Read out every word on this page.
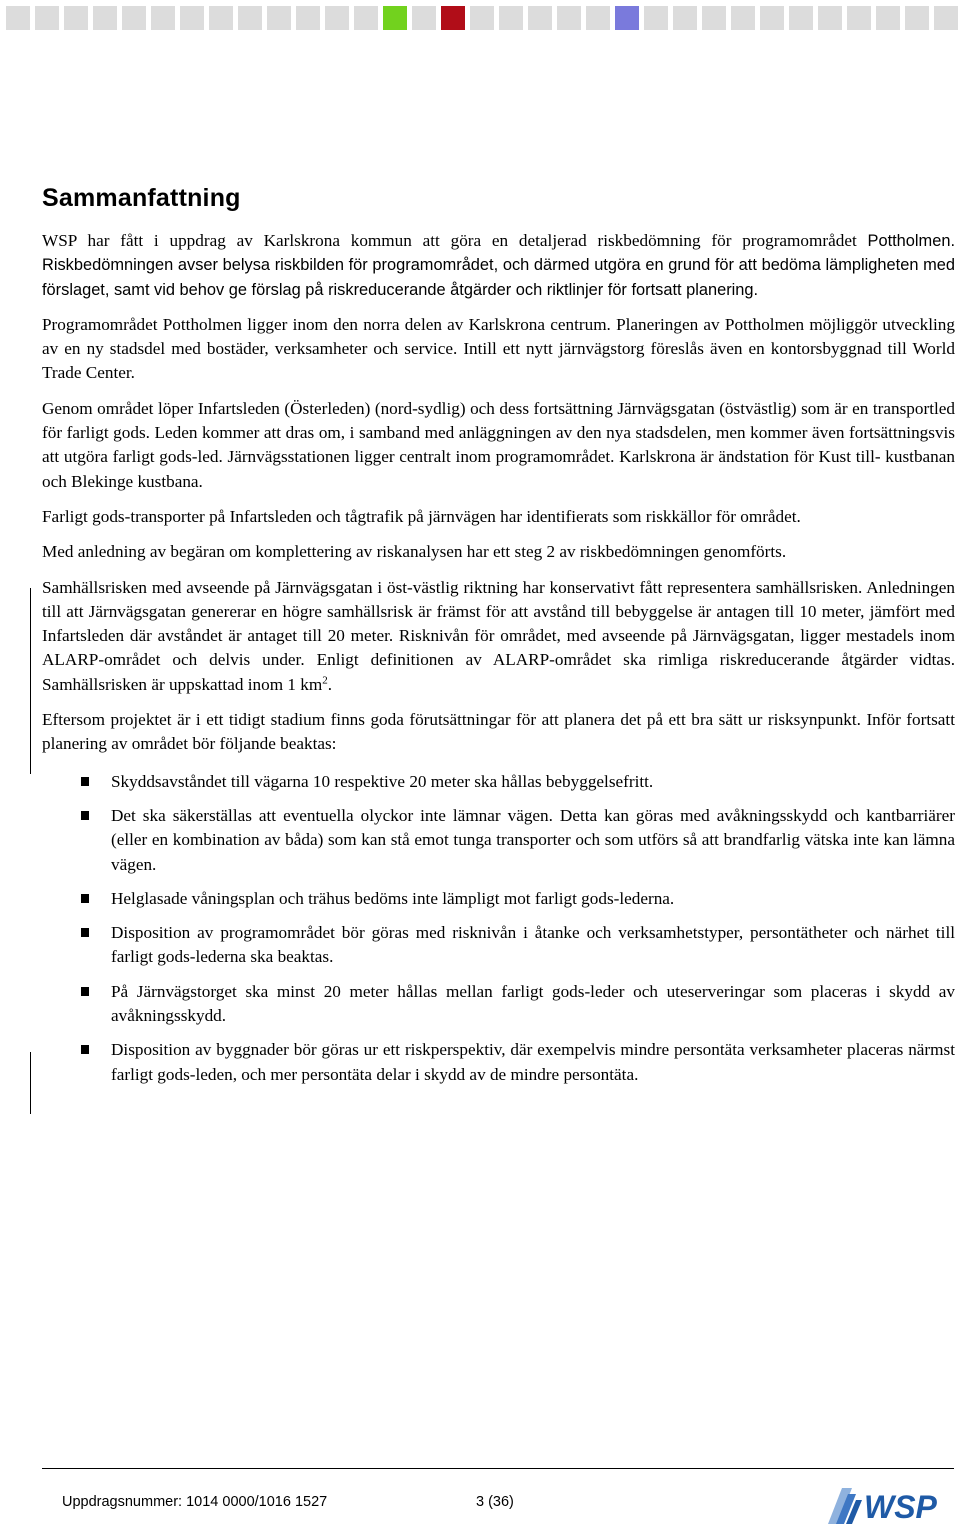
Sammanfattning

WSP har fått i uppdrag av Karlskrona kommun att göra en detaljerad riskbedömning för programområdet Pottholmen. Riskbedömningen avser belysa riskbilden för programområdet, och därmed utgöra en grund för att bedöma lämpligheten med förslaget, samt vid behov ge förslag på riskreducerande åtgärder och riktlinjer för fortsatt planering.

Programområdet Pottholmen ligger inom den norra delen av Karlskrona centrum. Planeringen av Pottholmen möjliggör utveckling av en ny stadsdel med bostäder, verksamheter och service. Intill ett nytt järnvägstorg föreslås även en kontorsbyggnad till World Trade Center.

Genom området löper Infartsleden (Österleden) (nord-sydlig) och dess fortsättning Järnvägsgatan (östvästlig) som är en transportled för farligt gods. Leden kommer att dras om, i samband med anläggningen av den nya stadsdelen, men kommer även fortsättningsvis att utgöra farligt gods-led. Järnvägsstationen ligger centralt inom programområdet. Karlskrona är ändstation för Kust till- kustbanan och Blekinge kustbana.

Farligt gods-transporter på Infartsleden och tågtrafik på järnvägen har identifierats som riskkällor för området.

Med anledning av begäran om komplettering av riskanalysen har ett steg 2 av riskbedömningen genomförts.

Samhällsrisken med avseende på Järnvägsgatan i öst-västlig riktning har konservativt fått representera samhällsrisken. Anledningen till att Järnvägsgatan genererar en högre samhällsrisk är främst för att avstånd till bebyggelse är antagen till 10 meter, jämfört med Infartsleden där avståndet är antaget till 20 meter. Risknivån för området, med avseende på Järnvägsgatan, ligger mestadels inom ALARP-området och delvis under. Enligt definitionen av ALARP-området ska rimliga riskreducerande åtgärder vidtas. Samhällsrisken är uppskattad inom 1 $km^2$.

Eftersom projektet är i ett tidigt stadium finns goda förutsättningar för att planera det på ett bra sätt ur risksynpunkt. Inför fortsatt planering av området bör följande beaktas:

Skyddsavståndet till vägarna 10 respektive 20 meter ska hållas bebyggelsefritt.
Det ska säkerställas att eventuella olyckor inte lämnar vägen. Detta kan göras med avåkningsskydd och kantbarriärer (eller en kombination av båda) som kan stå emot tunga transporter och som utförs så att brandfarlig vätska inte kan lämna vägen.
Helglasade våningsplan och trähus bedöms inte lämpligt mot farligt gods-lederna.
Disposition av programområdet bör göras med risknivån i åtanke och verksamhetstyper, persontätheter och närhet till farligt gods-lederna ska beaktas.
På Järnvägstorget ska minst 20 meter hållas mellan farligt gods-leder och uteserveringar som placeras i skydd av avåkningsskydd.
Disposition av byggnader bör göras ur ett riskperspektiv, där exempelvis mindre persontäta verksamheter placeras närmst farligt gods-leden, och mer persontäta delar i skydd av de mindre persontäta.
Uppdragsnummer: 1014 0000/1016 1527	3 (36)	WSP
